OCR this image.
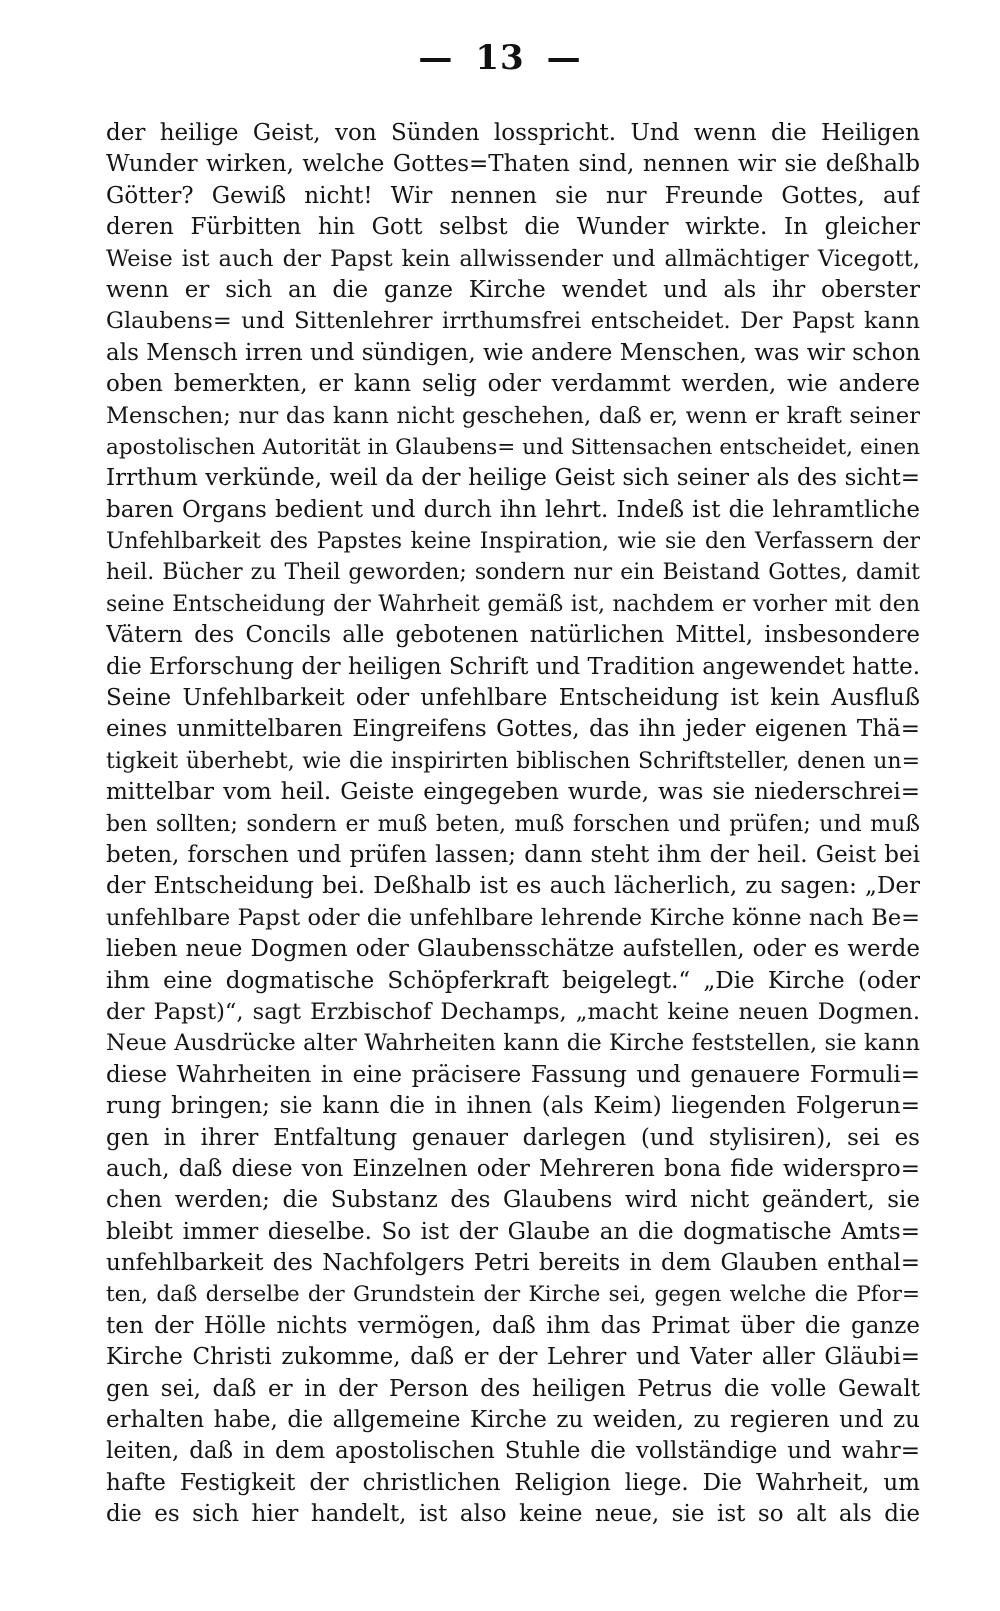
— 13 —
der heilige Geist, von Sünden losspricht. Und wenn die Heiligen
Wunder wirken, welche Gottes=Thaten sind, nennen wir sie deßhalb
Götter? Gewiß nicht! Wir nennen sie nur Freunde Gottes, auf
deren Fürbitten hin Gott selbst die Wunder wirkte. In gleicher
Weise ist auch der Papst kein allwissender und allmächtiger Vicegott,
wenn er sich an die ganze Kirche wendet und als ihr oberster
Glaubens= und Sittenlehrer irrthumsfrei entscheidet. Der Papst kann
als Mensch irren und sündigen, wie andere Menschen, was wir schon
oben bemerkten, er kann selig oder verdammt werden, wie andere
Menschen; nur das kann nicht geschehen, daß er, wenn er kraft seiner
apostolischen Autorität in Glaubens= und Sittensachen entscheidet, einen
Irrthum verkünde, weil da der heilige Geist sich seiner als des sicht=
baren Organs bedient und durch ihn lehrt. Indeß ist die lehramtliche
Unfehlbarkeit des Papstes keine Inspiration, wie sie den Verfassern der
heil. Bücher zu Theil geworden; sondern nur ein Beistand Gottes, damit
seine Entscheidung der Wahrheit gemäß ist, nachdem er vorher mit den
Vätern des Concils alle gebotenen natürlichen Mittel, insbesondere
die Erforschung der heiligen Schrift und Tradition angewendet hatte.
Seine Unfehlbarkeit oder unfehlbare Entscheidung ist kein Ausfluß
eines unmittelbaren Eingreifens Gottes, das ihn jeder eigenen Thä=
tigkeit überhebt, wie die inspirirten biblischen Schriftsteller, denen un=
mittelbar vom heil. Geiste eingegeben wurde, was sie niederschrei=
ben sollten; sondern er muß beten, muß forschen und prüfen; und muß
beten, forschen und prüfen lassen; dann steht ihm der heil. Geist bei
der Entscheidung bei. Deßhalb ist es auch lächerlich, zu sagen: „Der
unfehlbare Papst oder die unfehlbare lehrende Kirche könne nach Be=
lieben neue Dogmen oder Glaubensschätze aufstellen, oder es werde
ihm eine dogmatische Schöpferkraft beigelegt.“ „Die Kirche (oder
der Papst)“, sagt Erzbischof Dechamps, „macht keine neuen Dogmen.
Neue Ausdrücke alter Wahrheiten kann die Kirche feststellen, sie kann
diese Wahrheiten in eine präcisere Fassung und genauere Formuli=
rung bringen; sie kann die in ihnen (als Keim) liegenden Folgerun=
gen in ihrer Entfaltung genauer darlegen (und stylisiren), sei es
auch, daß diese von Einzelnen oder Mehreren bona fide widerspro=
chen werden; die Substanz des Glaubens wird nicht geändert, sie
bleibt immer dieselbe. So ist der Glaube an die dogmatische Amts=
unfehlbarkeit des Nachfolgers Petri bereits in dem Glauben enthal=
ten, daß derselbe der Grundstein der Kirche sei, gegen welche die Pfor=
ten der Hölle nichts vermögen, daß ihm das Primat über die ganze
Kirche Christi zukomme, daß er der Lehrer und Vater aller Gläubi=
gen sei, daß er in der Person des heiligen Petrus die volle Gewalt
erhalten habe, die allgemeine Kirche zu weiden, zu regieren und zu
leiten, daß in dem apostolischen Stuhle die vollständige und wahr=
hafte Festigkeit der christlichen Religion liege. Die Wahrheit, um
die es sich hier handelt, ist also keine neue, sie ist so alt als die
